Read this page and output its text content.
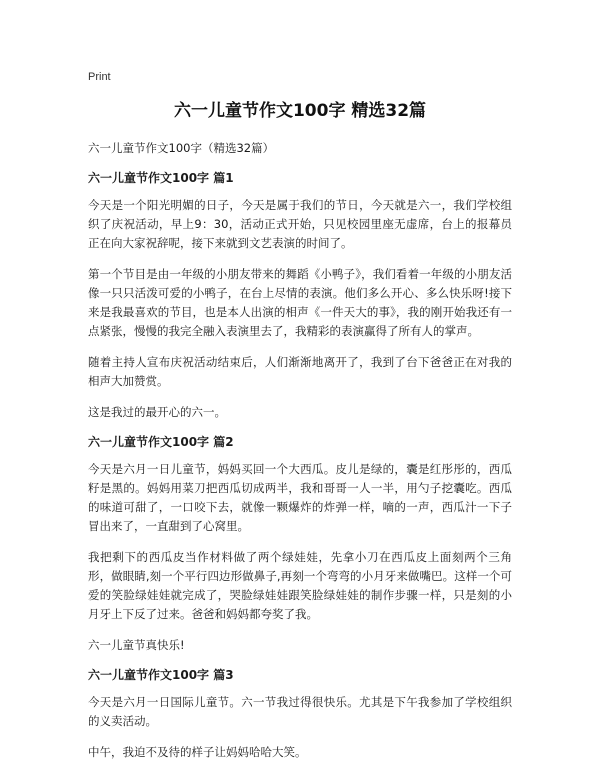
Print
六一儿童节作文100字 精选32篇
六一儿童节作文100字（精选32篇）
六一儿童节作文100字 篇1

今天是一个阳光明媚的日子，今天是属于我们的节日，今天就是六一，我们学校组织了庆祝活动，早上9：30，活动正式开始，只见校园里座无虚席，台上的报幕员正在向大家祝辞呢，接下来就到文艺表演的时间了。

第一个节目是由一年级的小朋友带来的舞蹈《小鸭子》，我们看着一年级的小朋友活像一只只活泼可爱的小鸭子，在台上尽情的表演。他们多么开心、多么快乐呀!接下来是我最喜欢的节目，也是本人出演的相声《一件天大的事》，我的刚开始我还有一点紧张，慢慢的我完全融入表演里去了，我精彩的表演赢得了所有人的掌声。

随着主持人宣布庆祝活动结束后，人们渐渐地离开了，我到了台下爸爸正在对我的相声大加赞赏。

这是我过的最开心的六一。

六一儿童节作文100字 篇2

今天是六月一日儿童节，妈妈买回一个大西瓜。皮儿是绿的，囊是红彤彤的，西瓜籽是黑的。妈妈用菜刀把西瓜切成两半，我和哥哥一人一半，用勺子挖囊吃。西瓜的味道可甜了，一口咬下去，就像一颗爆炸的炸弹一样，嘀的一声，西瓜汁一下子冒出来了，一直甜到了心窝里。

我把剩下的西瓜皮当作材料做了两个绿娃娃，先拿小刀在西瓜皮上面刻两个三角形，做眼睛,刻一个平行四边形做鼻子,再刻一个弯弯的小月牙来做嘴巴。这样一个可爱的笑脸绿娃娃就完成了，哭脸绿娃娃跟笑脸绿娃娃的制作步骤一样，只是刻的小月牙上下反了过来。爸爸和妈妈都夸奖了我。

六一儿童节真快乐!

六一儿童节作文100字 篇3

今天是六月一日国际儿童节。六一节我过得很快乐。尤其是下午我参加了学校组织的义卖活动。

中午，我迫不及待的样子让妈妈哈哈大笑。
